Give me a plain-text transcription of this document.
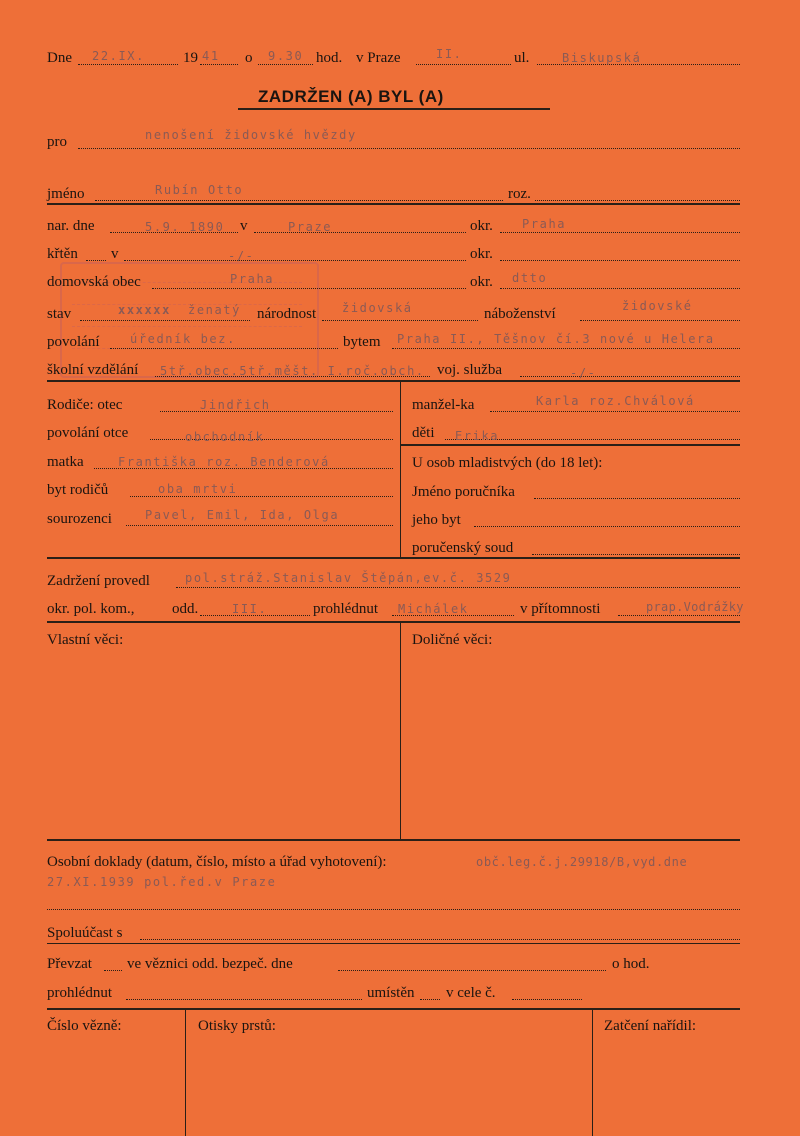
Dne 22.IX.	19 41 o 9.30 hod. v Praze	II.	ul.	Biskupská
ZADRŽEN (A) BYL (A)
pro	nenošení židovské hvězdy
jméno	Rubín Otto	roz.
nar. dne	5.9. 1890 v	Praze	okr. Praha
křtěn v	-/-	okr.
domovská obec	Praha	okr. dtto
stav	xxxxxx ženatý národnost židovská	náboženství	židovské
povolání	úředník bez.	bytem Praha II., Těšnov čí.3 nové u Helera
školní vzdělání 5tř.obec.5tř.měšt. I.roč.obch. voj. služba	-/-
Rodiče: otec	Jindřich
povolání otce	obchodník
matka	Františka roz. Benderová
byt rodičů	oba mrtvi
sourozenci	Pavel, Emil, Ida, Olga
manžel-ka	Karla roz.Chválová
děti Erika
U osob mladistvých (do 18 let):
Jméno poručníka
jeho byt
poručenský soud
Zadržení provedl	pol.stráž.Stanislav Štěpán,ev.č. 3529
okr. pol. kom., odd.	III.	prohlédnut Michálek	v přítomnosti	prap.Vodrážky
Vlastní věci:	Doličné věci:
Osobní doklady (datum, číslo, místo a úřad vyhotovení):	obč.leg.č.j.29918/B,vyd.dne
27.XI.1939 pol.řed.v Praze
Spoluúčast s
Převzat ve věznici odd. bezpeč. dne	o hod.
prohlédnut	umístěn v cele č.
Číslo vězně:	Otisky prstů:	Zatčení nařídil:
